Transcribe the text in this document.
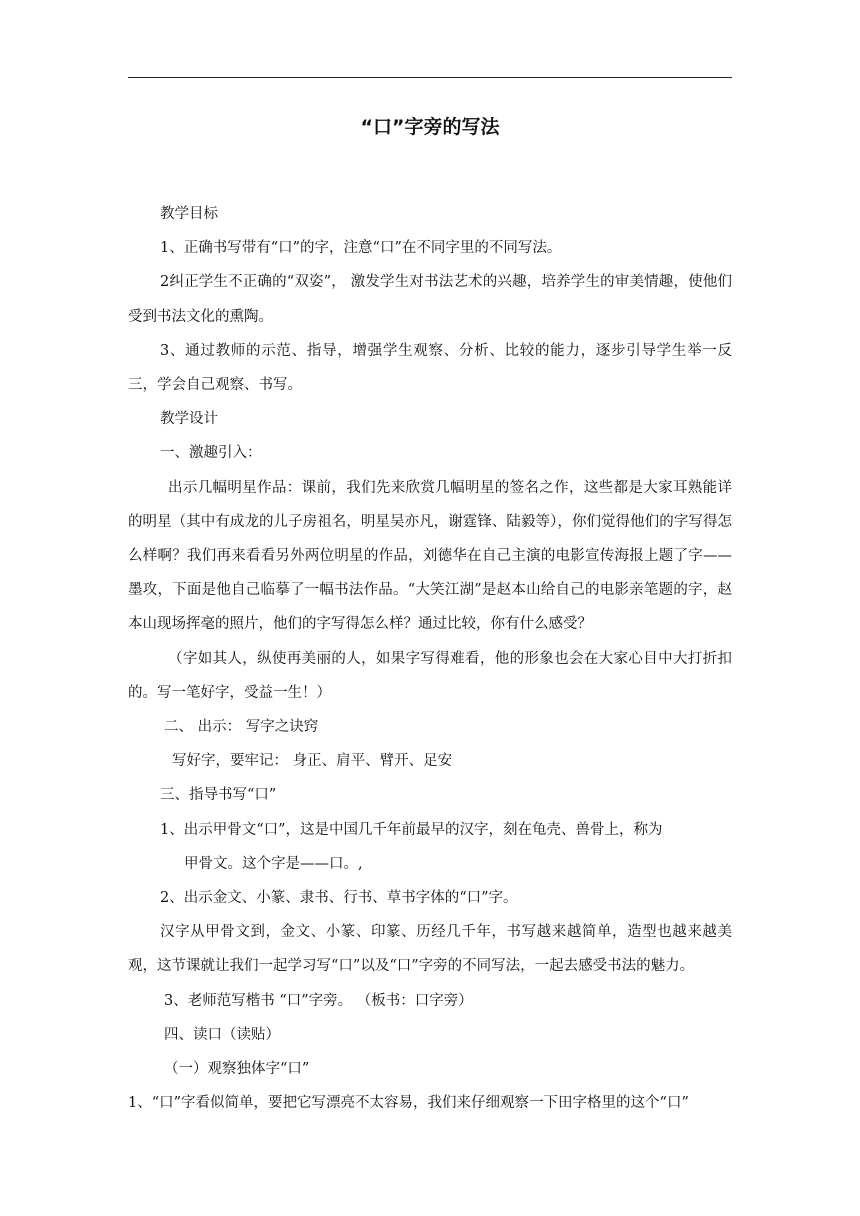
“口”字旁的写法

教学目标

1、正确书写带有“口”的字，注意“口”在不同字里的不同写法。

2纠正学生不正确的“双姿”， 激发学生对书法艺术的兴趣，培养学生的审美情趣，使他们受到书法文化的熏陶。

3、通过教师的示范、指导，增强学生观察、分析、比较的能力，逐步引导学生举一反三，学会自己观察、书写。

教学设计

一、激趣引入：

出示几幅明星作品：课前，我们先来欣赏几幅明星的签名之作，这些都是大家耳熟能详的明星（其中有成龙的儿子房祖名，明星吴亦凡，谢霆锋、陆毅等），你们觉得他们的字写得怎么样啊？我们再来看看另外两位明星的作品，刘德华在自己主演的电影宣传海报上题了字——墨攻，下面是他自己临摹了一幅书法作品。“大笑江湖”是赵本山给自己的电影亲笔题的字，赵本山现场挥毫的照片，他们的字写得怎么样？通过比较，你有什么感受？

（字如其人，纵使再美丽的人，如果字写得难看，他的形象也会在大家心目中大打折扣的。写一笔好字，受益一生！）

二、 出示： 写字之诀窍

写好字，要牢记： 身正、肩平、臂开、足安

三、指导书写“口”

1、出示甲骨文“口”，这是中国几千年前最早的汉字，刻在龟壳、兽骨上，称为

甲骨文。这个字是——口。,

2、出示金文、小篆、隶书、行书、草书字体的“口”字。

汉字从甲骨文到，金文、小篆、印篆、历经几千年，书写越来越简单，造型也越来越美观，这节课就让我们一起学习写“口”以及“口”字旁的不同写法，一起去感受书法的魅力。

3、老师范写楷书 “口”字旁。 （板书：口字旁）

四、读口（读贴）

（一）观察独体字“口”

1、“口”字看似简单，要把它写漂亮不太容易，我们来仔细观察一下田字格里的这个“口”
